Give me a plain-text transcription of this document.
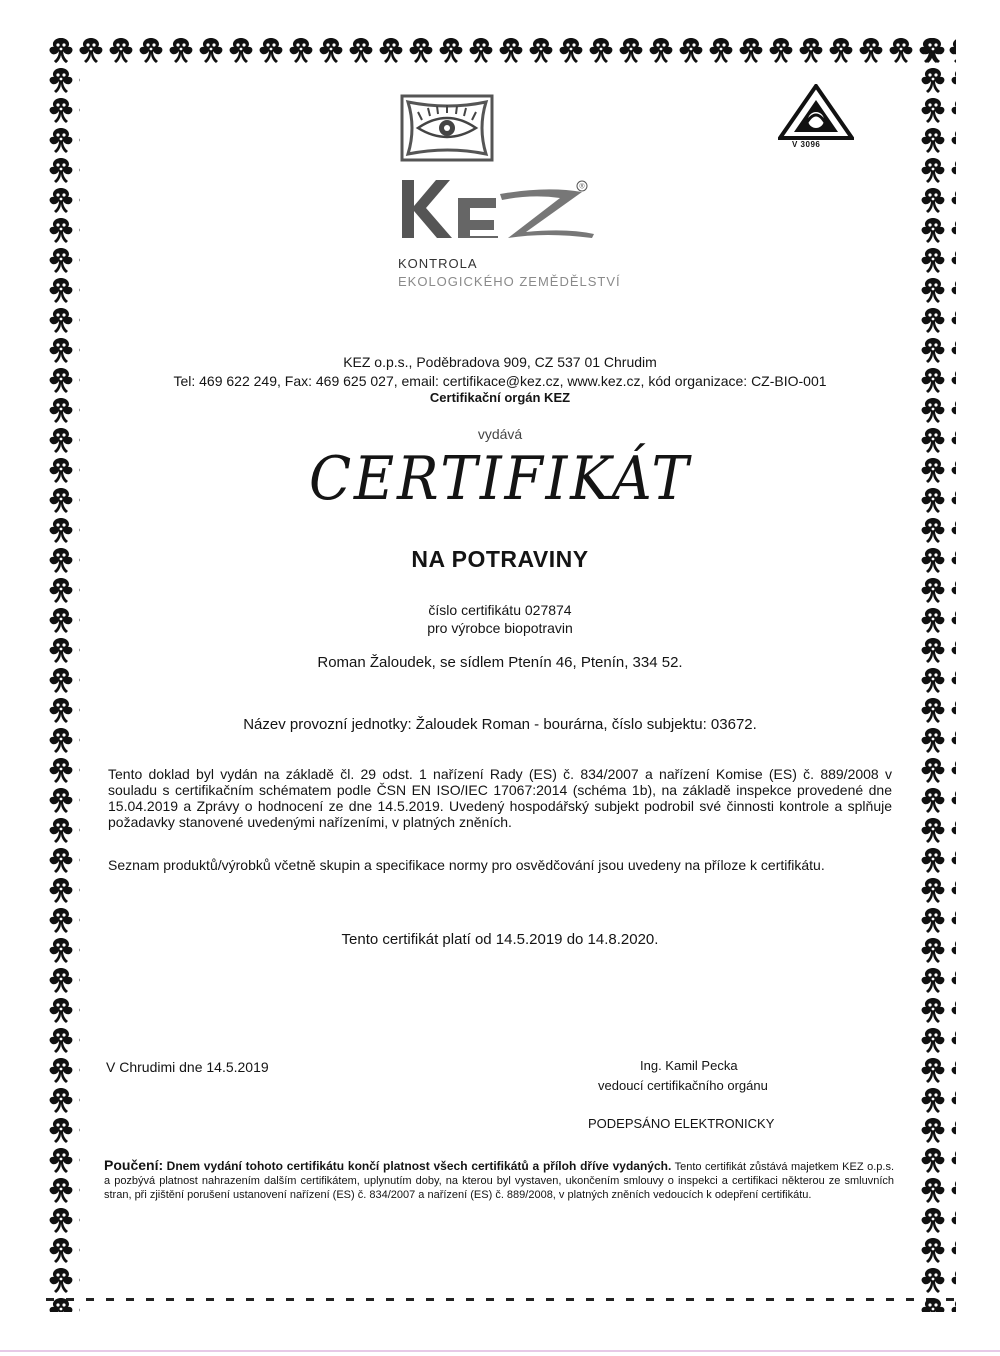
®
KONTROLA
EKOLOGICKÉHO ZEMĚDĚLSTVÍ
V 3096
KEZ o.p.s., Poděbradova 909, CZ 537 01 Chrudim
Tel: 469 622 249, Fax: 469 625 027, email: certifikace@kez.cz, www.kez.cz, kód organizace: CZ-BIO-001
Certifikační orgán KEZ
vydává
CERTIFIKÁT
NA POTRAVINY
číslo certifikátu 027874
pro výrobce biopotravin
Roman Žaloudek, se sídlem Ptenín 46, Ptenín, 334 52.
Název provozní jednotky: Žaloudek Roman - bourárna, číslo subjektu: 03672.
Tento doklad byl vydán na základě čl. 29 odst. 1 nařízení Rady (ES) č. 834/2007 a nařízení Komise (ES) č. 889/2008 v souladu s certifikačním schématem podle ČSN EN ISO/IEC 17067:2014 (schéma 1b), na základě inspekce provedené dne 15.04.2019 a Zprávy o hodnocení ze dne 14.5.2019. Uvedený hospodářský subjekt podrobil své činnosti kontrole a splňuje požadavky stanovené uvedenými nařízeními, v platných zněních.
Seznam produktů/výrobků včetně skupin a specifikace normy pro osvědčování jsou uvedeny na příloze k certifikátu.
Tento certifikát platí od 14.5.2019 do 14.8.2020.
V Chrudimi dne 14.5.2019	Ing. Kamil Pecka
vedoucí certifikačního orgánu
PODEPSÁNO ELEKTRONICKY
Poučení: Dnem vydání tohoto certifikátu končí platnost všech certifikátů a příloh dříve vydaných. Tento certifikát zůstává majetkem KEZ o.p.s. a pozbývá platnost nahrazením dalším certifikátem, uplynutím doby, na kterou byl vystaven, ukončením smlouvy o inspekci a certifikaci některou ze smluvních stran, při zjištění porušení ustanovení nařízení (ES) č. 834/2007 a nařízení (ES) č. 889/2008, v platných zněních vedoucích k odepření certifikátu.
